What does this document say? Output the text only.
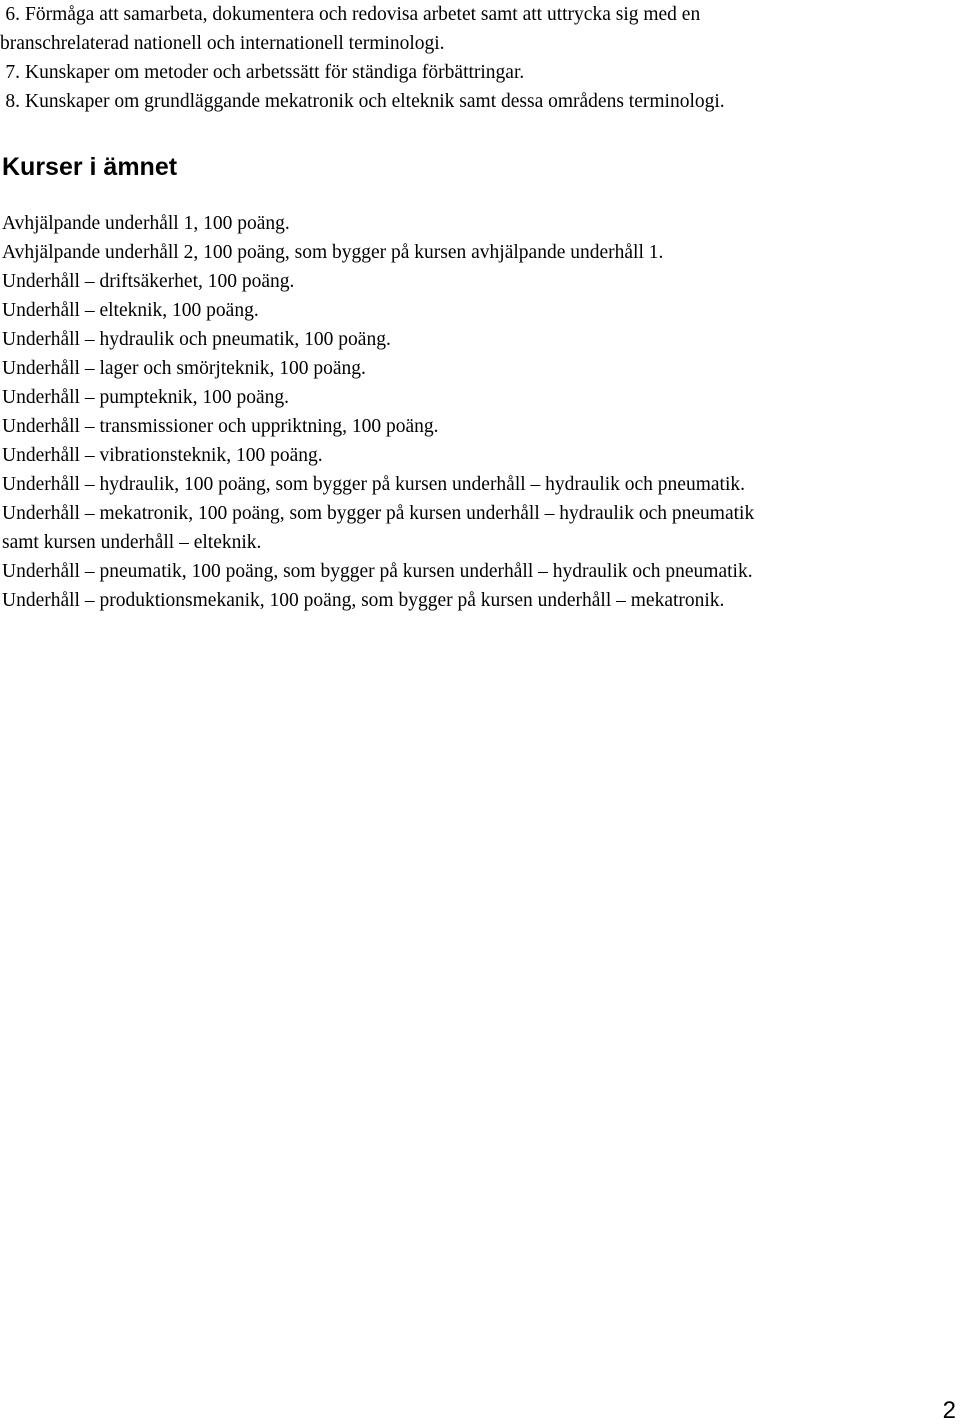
6. Förmåga att samarbeta, dokumentera och redovisa arbetet samt att uttrycka sig med en
branschrelaterad nationell och internationell terminologi.
7. Kunskaper om metoder och arbetssätt för ständiga förbättringar.
8. Kunskaper om grundläggande mekatronik och elteknik samt dessa områdens terminologi.
Kurser i ämnet
Avhjälpande underhåll 1, 100 poäng.
Avhjälpande underhåll 2, 100 poäng, som bygger på kursen avhjälpande underhåll 1.
Underhåll – driftsäkerhet, 100 poäng.
Underhåll – elteknik, 100 poäng.
Underhåll – hydraulik och pneumatik, 100 poäng.
Underhåll – lager och smörjteknik, 100 poäng.
Underhåll – pumpteknik, 100 poäng.
Underhåll – transmissioner och uppriktning, 100 poäng.
Underhåll – vibrationsteknik, 100 poäng.
Underhåll – hydraulik, 100 poäng, som bygger på kursen underhåll – hydraulik och pneumatik.
Underhåll – mekatronik, 100 poäng, som bygger på kursen underhåll – hydraulik och pneumatik
samt kursen underhåll – elteknik.
Underhåll – pneumatik, 100 poäng, som bygger på kursen underhåll – hydraulik och pneumatik.
Underhåll – produktionsmekanik, 100 poäng, som bygger på kursen underhåll – mekatronik.
2
